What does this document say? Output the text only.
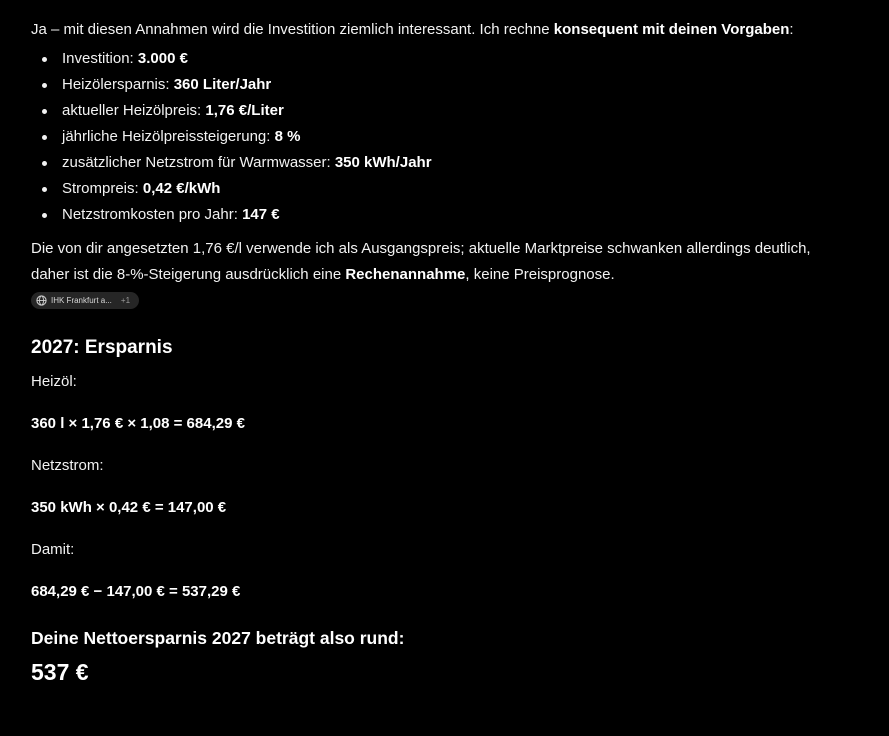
Ja – mit diesen Annahmen wird die Investition ziemlich interessant. Ich rechne konsequent mit deinen Vorgaben:

Investition: 3.000 €
Heizölersparnis: 360 Liter/Jahr
aktueller Heizölpreis: 1,76 €/Liter
jährliche Heizölpreissteigerung: 8 %
zusätzlicher Netzstrom für Warmwasser: 350 kWh/Jahr
Strompreis: 0,42 €/kWh
Netzstromkosten pro Jahr: 147 €

Die von dir angesetzten 1,76 €/l verwende ich als Ausgangspreis; aktuelle Marktpreise schwanken allerdings deutlich, daher ist die 8-%-Steigerung ausdrücklich eine Rechenannahme, keine Preisprognose.

IHK Frankfurt a... +1
2027: Ersparnis

Heizöl:

360 l × 1,76 € × 1,08 = 684,29 €

Netzstrom:

350 kWh × 0,42 € = 147,00 €

Damit:

684,29 € − 147,00 € = 537,29 €

Deine Nettoersparnis 2027 beträgt also rund:

537 €
